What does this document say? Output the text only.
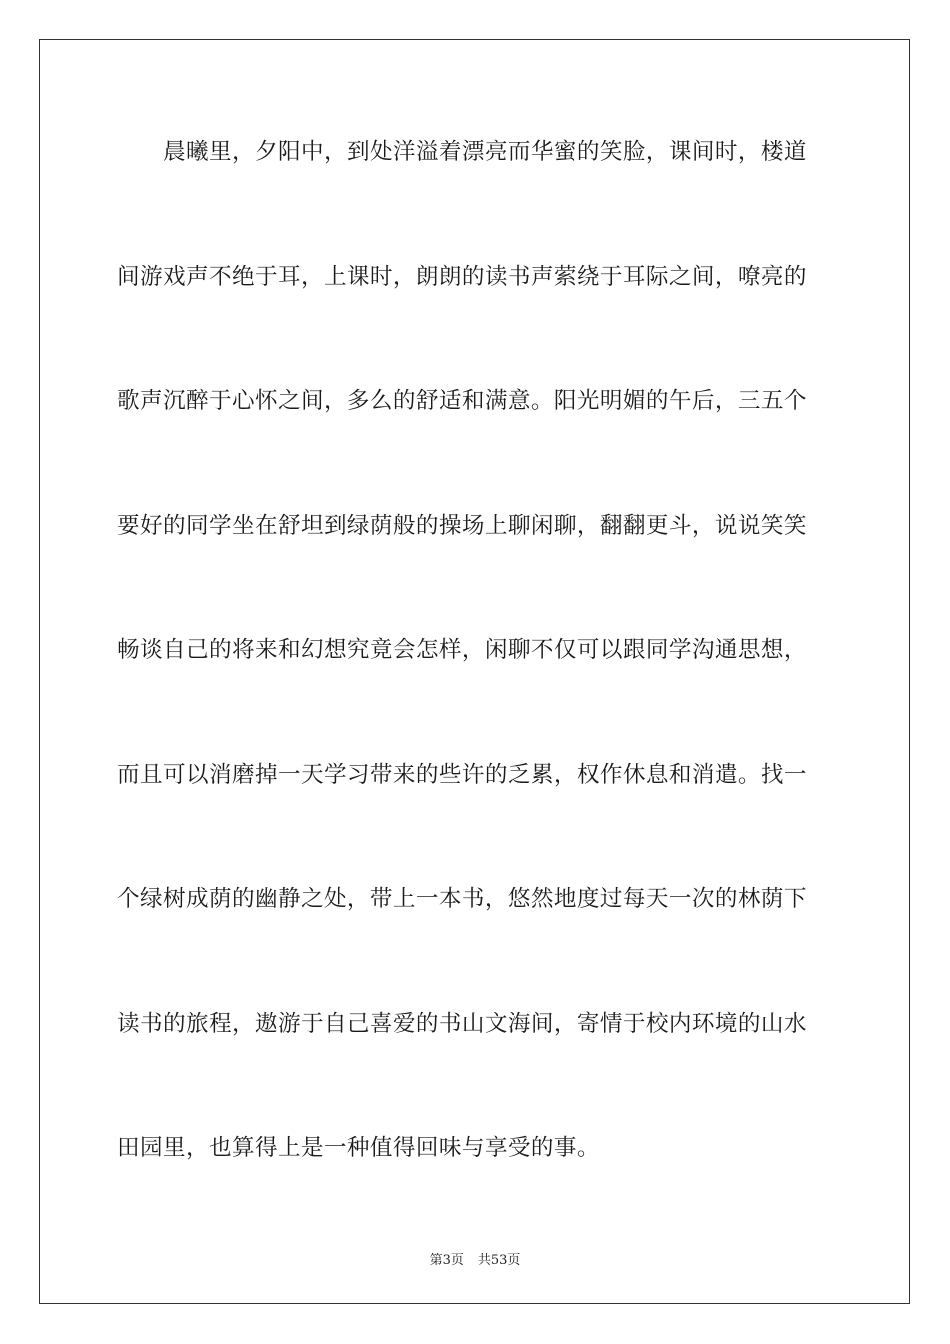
晨曦里，夕阳中，到处洋溢着漂亮而华蜜的笑脸，课间时，楼道
间游戏声不绝于耳，上课时，朗朗的读书声萦绕于耳际之间，嘹亮的
歌声沉醉于心怀之间，多么的舒适和满意。阳光明媚的午后，三五个
要好的同学坐在舒坦到绿荫般的操场上聊闲聊，翻翻更斗，说说笑笑
畅谈自己的将来和幻想究竟会怎样，闲聊不仅可以跟同学沟通思想，
而且可以消磨掉一天学习带来的些许的乏累，权作休息和消遣。找一
个绿树成荫的幽静之处，带上一本书，悠然地度过每天一次的林荫下
读书的旅程，遨游于自己喜爱的书山文海间，寄情于校内环境的山水
田园里，也算得上是一种值得回味与享受的事。
第3页 共53页
